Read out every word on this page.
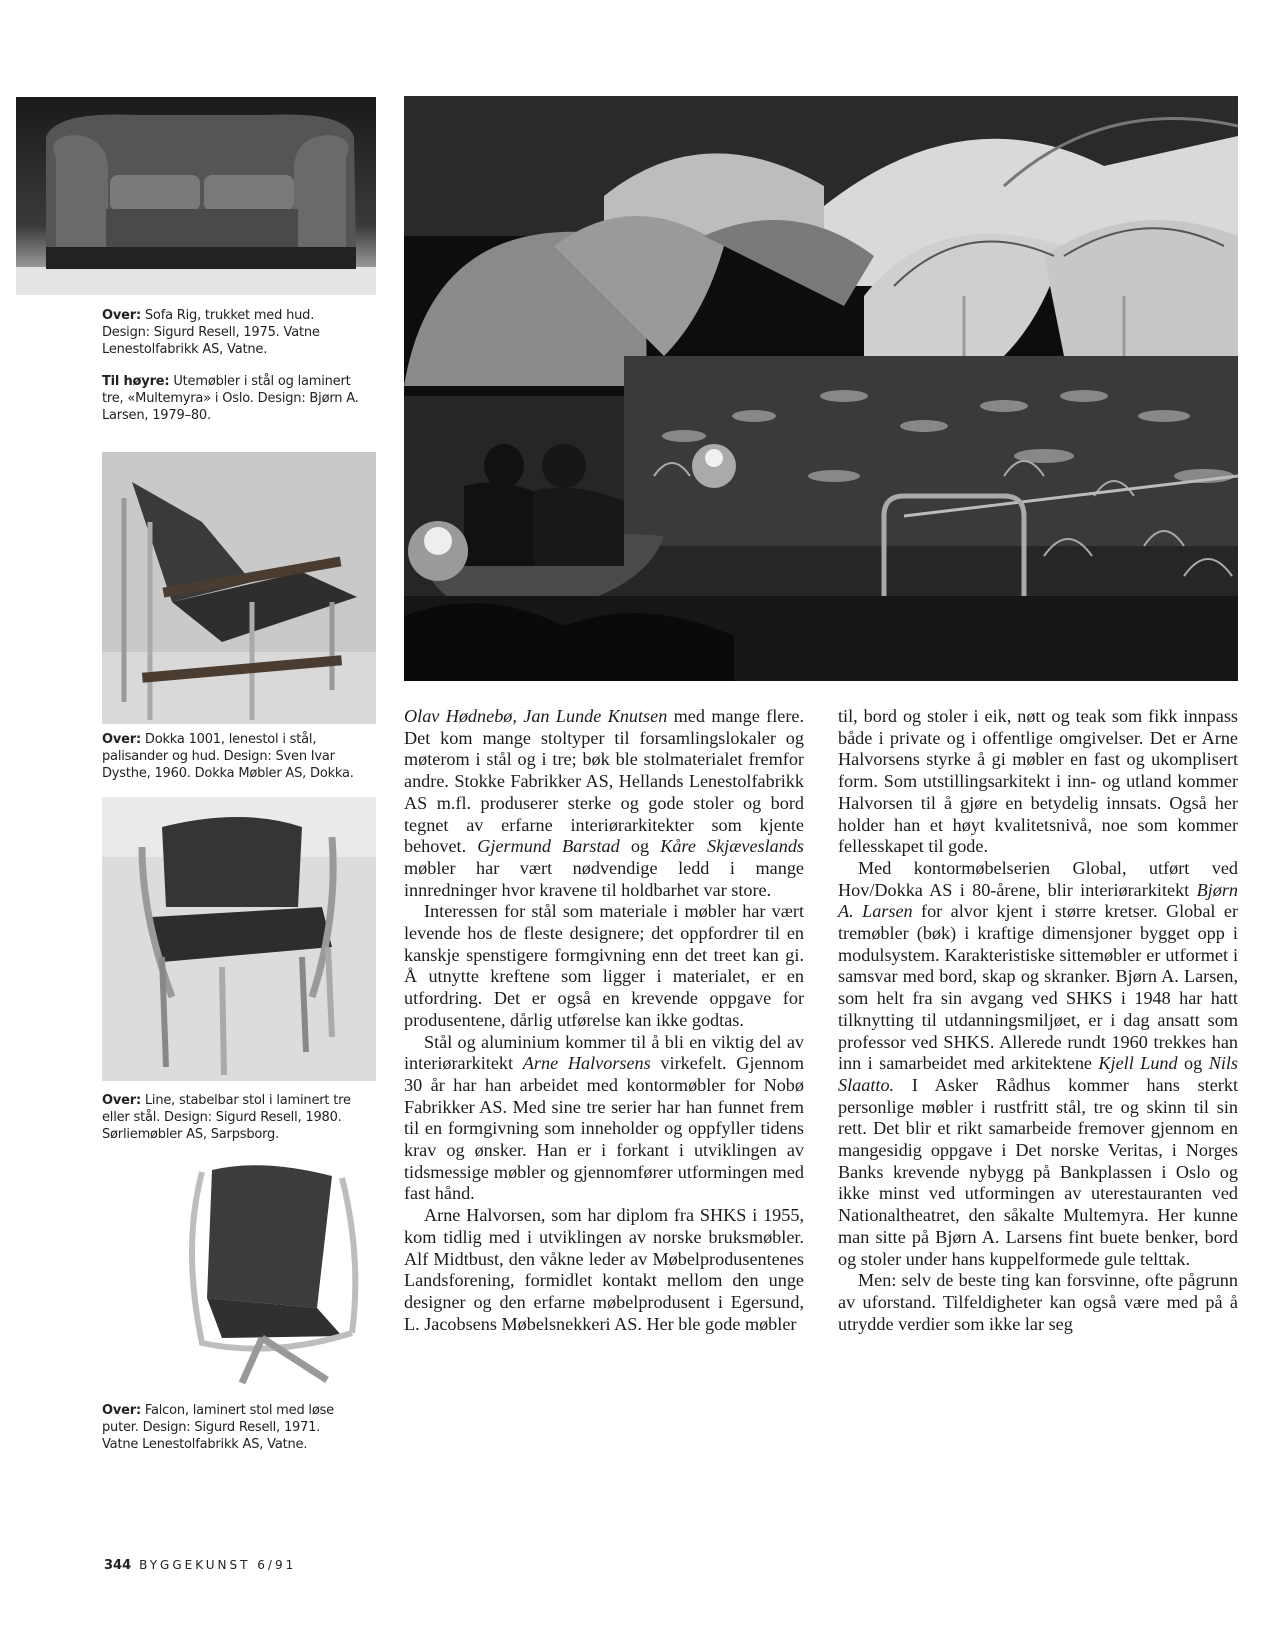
Over: Sofa Rig, trukket med hud. Design: Sigurd Resell, 1975. Vatne Lenestolfabrikk AS, Vatne.

Til høyre: Utemøbler i stål og laminert tre, «Multemyra» i Oslo. Design: Bjørn A. Larsen, 1979–80.

Over: Dokka 1001, lenestol i stål, palisander og hud. Design: Sven Ivar Dysthe, 1960. Dokka Møbler AS, Dokka.

Over: Line, stabelbar stol i laminert tre eller stål. Design: Sigurd Resell, 1980. Sørliemøbler AS, Sarpsborg.

Over: Falcon, laminert stol med løse puter. Design: Sigurd Resell, 1971. Vatne Lenestolfabrikk AS, Vatne.

Olav Hødnebø, Jan Lunde Knutsen med mange flere. Det kom mange stoltyper til forsamlingslokaler og møterom i stål og i tre; bøk ble stolmaterialet fremfor andre. Stokke Fabrikker AS, Hellands Lenestolfabrikk AS m.fl. produserer sterke og gode stoler og bord tegnet av erfarne interiørarkitekter som kjente behovet. Gjermund Barstad og Kåre Skjæveslands møbler har vært nødvendige ledd i mange innredninger hvor kravene til holdbarhet var store.

Interessen for stål som materiale i møbler har vært levende hos de fleste designere; det oppfordrer til en kanskje spenstigere formgivning enn det treet kan gi. Å utnytte kreftene som ligger i materialet, er en utfordring. Det er også en krevende oppgave for produsentene, dårlig utførelse kan ikke godtas.

Stål og aluminium kommer til å bli en viktig del av interiørarkitekt Arne Halvorsens virkefelt. Gjennom 30 år har han arbeidet med kontormøbler for Nobø Fabrikker AS. Med sine tre serier har han funnet frem til en formgivning som inneholder og oppfyller tidens krav og ønsker. Han er i forkant i utviklingen av tidsmessige møbler og gjennomfører utformingen med fast hånd.

Arne Halvorsen, som har diplom fra SHKS i 1955, kom tidlig med i utviklingen av norske bruksmøbler. Alf Midtbust, den våkne leder av Møbelprodusentenes Landsforening, formidlet kontakt mellom den unge designer og den erfarne møbelprodusent i Egersund, L. Jacobsens Møbelsnekkeri AS. Her ble gode møbler

til, bord og stoler i eik, nøtt og teak som fikk innpass både i private og i offentlige omgivelser. Det er Arne Halvorsens styrke å gi møbler en fast og ukomplisert form. Som utstillingsarkitekt i inn- og utland kommer Halvorsen til å gjøre en betydelig innsats. Også her holder han et høyt kvalitetsnivå, noe som kommer fellesskapet til gode.

Med kontormøbelserien Global, utført ved Hov/Dokka AS i 80-årene, blir interiørarkitekt Bjørn A. Larsen for alvor kjent i større kretser. Global er tremøbler (bøk) i kraftige dimensjoner bygget opp i modulsystem. Karakteristiske sittemøbler er utformet i samsvar med bord, skap og skranker. Bjørn A. Larsen, som helt fra sin avgang ved SHKS i 1948 har hatt tilknytting til utdanningsmiljøet, er i dag ansatt som professor ved SHKS. Allerede rundt 1960 trekkes han inn i samarbeidet med arkitektene Kjell Lund og Nils Slaatto. I Asker Rådhus kommer hans sterkt personlige møbler i rustfritt stål, tre og skinn til sin rett. Det blir et rikt samarbeide fremover gjennom en mangesidig oppgave i Det norske Veritas, i Norges Banks krevende nybygg på Bankplassen i Oslo og ikke minst ved utformingen av uterestauranten ved Nationaltheatret, den såkalte Multemyra. Her kunne man sitte på Bjørn A. Larsens fint buete benker, bord og stoler under hans kuppelformede gule telttak.

Men: selv de beste ting kan forsvinne, ofte pågrunn av uforstand. Tilfeldigheter kan også være med på å utrydde verdier som ikke lar seg

344 BYGGEKUNST 6/91
